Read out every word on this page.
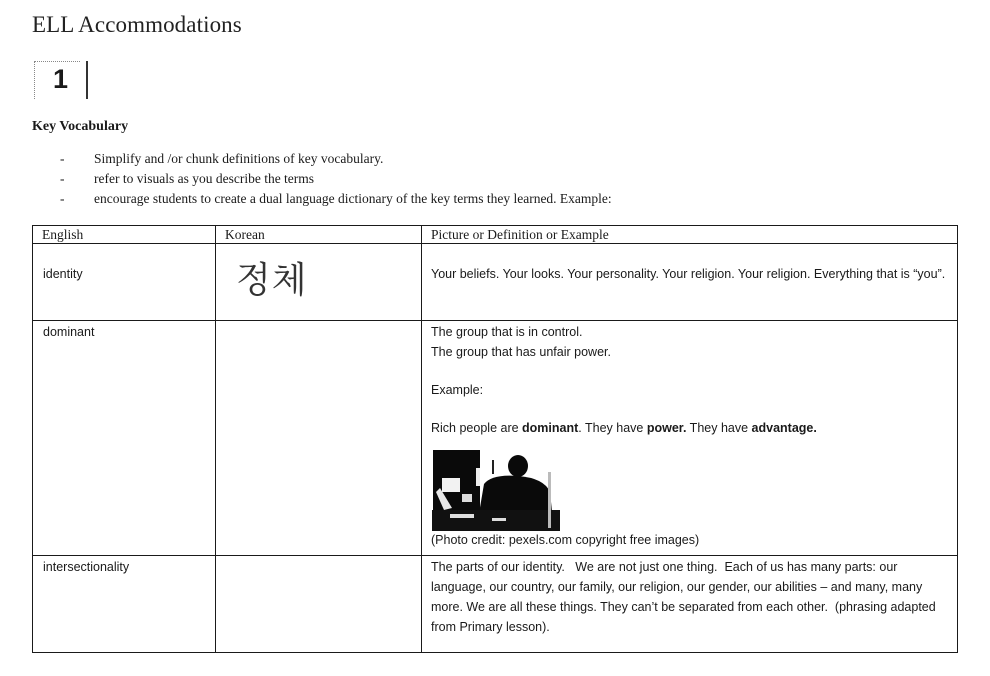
ELL Accommodations
1
Key Vocabulary
-	Simplify and /or chunk definitions of key vocabulary.
-	refer to visuals as you describe the terms
-	encourage students to create a dual language dictionary of the key terms they learned. Example:
English	Korean	Picture or Definition or Example

identity	정체	Your beliefs. Your looks. Your personality. Your religion. Your religion. Everything that is “you”.

dominant		The group that is in control.

The group that has unfair power.

Example:

Rich people are dominant. They have power. They have advantage.

(Photo credit: pexels.com copyright free images)

intersectionality		The parts of our identity.   We are not just one thing.  Each of us has many parts: our language, our country, our family, our religion, our gender, our abilities – and many, many more. We are all these things. They can’t be separated from each other.  (phrasing adapted from Primary lesson).
